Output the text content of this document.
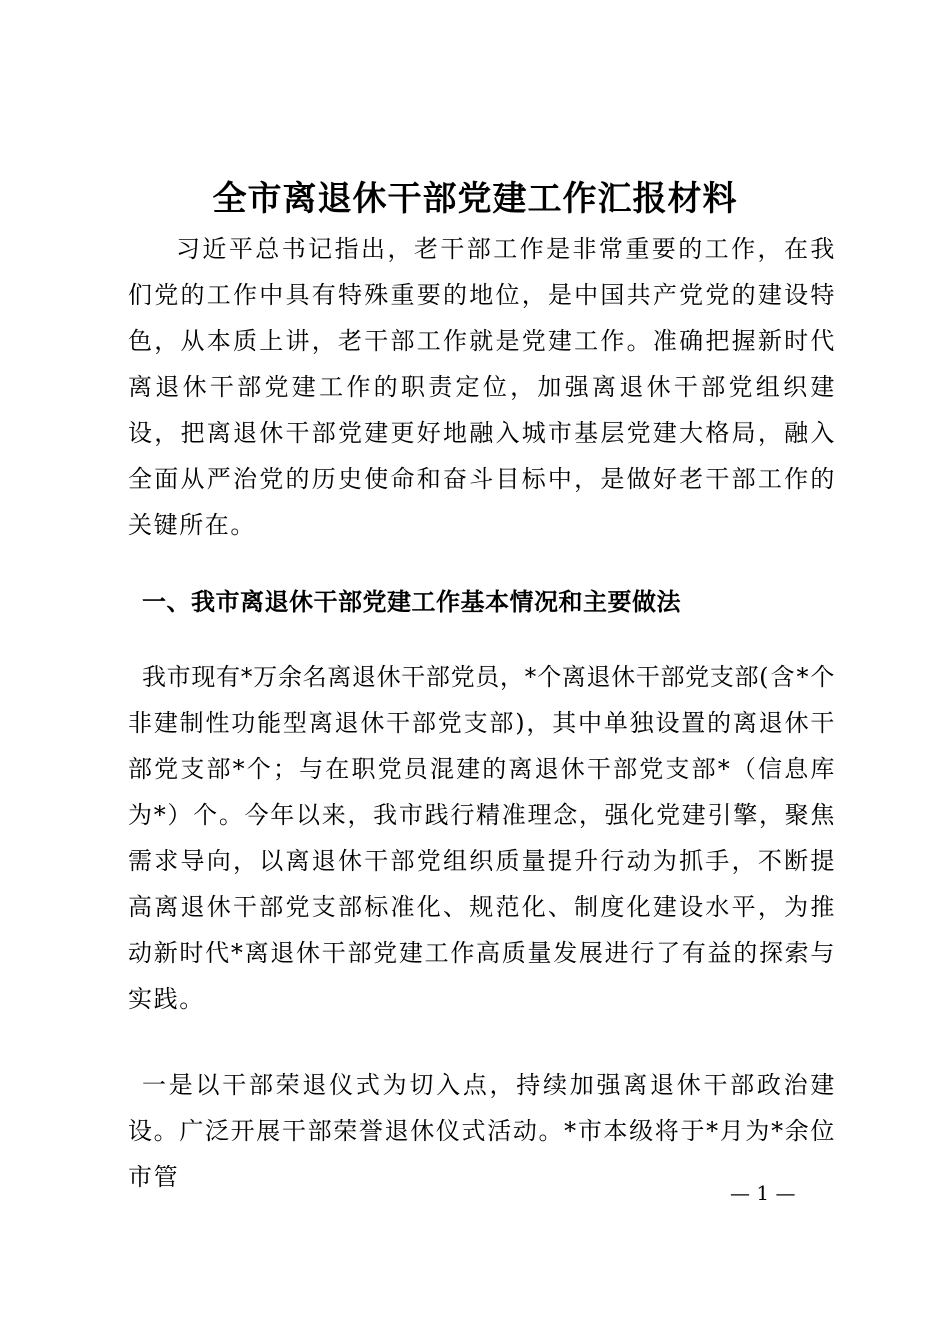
全市离退休干部党建工作汇报材料

习近平总书记指出，老干部工作是非常重要的工作，在我们党的工作中具有特殊重要的地位，是中国共产党党的建设特色，从本质上讲，老干部工作就是党建工作。准确把握新时代离退休干部党建工作的职责定位，加强离退休干部党组织建设，把离退休干部党建更好地融入城市基层党建大格局，融入全面从严治党的历史使命和奋斗目标中，是做好老干部工作的关键所在。

一、我市离退休干部党建工作基本情况和主要做法

我市现有*万余名离退休干部党员，*个离退休干部党支部(含*个非建制性功能型离退休干部党支部)，其中单独设置的离退休干部党支部*个；与在职党员混建的离退休干部党支部*（信息库为*）个。今年以来，我市践行精准理念，强化党建引擎，聚焦需求导向，以离退休干部党组织质量提升行动为抓手，不断提高离退休干部党支部标准化、规范化、制度化建设水平，为推动新时代*离退休干部党建工作高质量发展进行了有益的探索与实践。

一是以干部荣退仪式为切入点，持续加强离退休干部政治建设。广泛开展干部荣誉退休仪式活动。*市本级将于*月为*余位市管

— 1 —
